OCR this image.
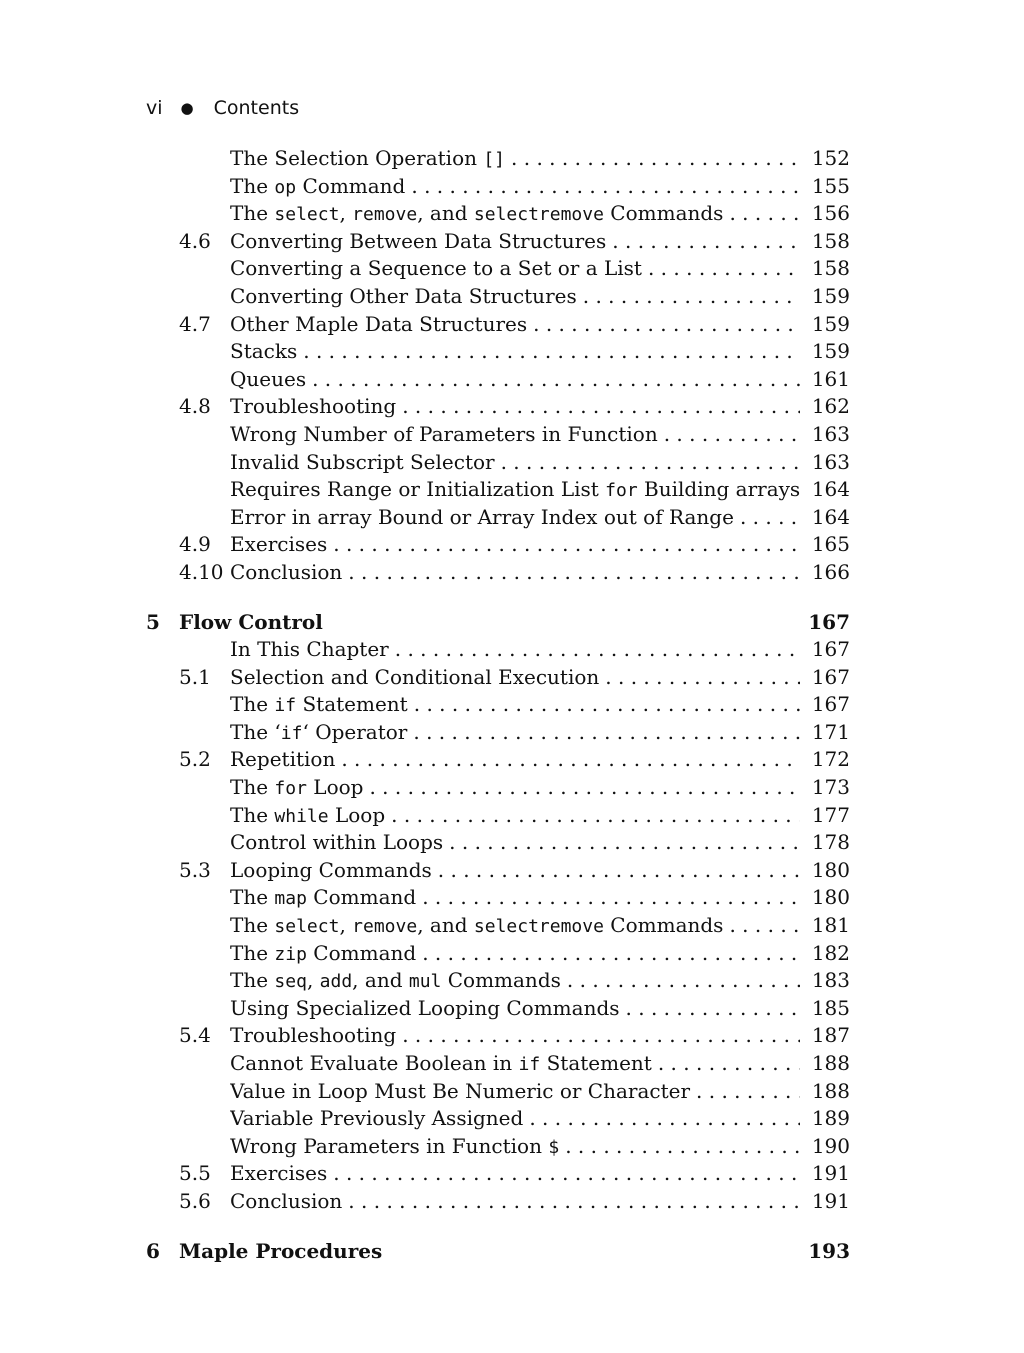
vi ● Contents
The Selection Operation [] . . .	152
The op Command . . .	155
The select, remove, and selectremove Commands . . .	156
4.6 Converting Between Data Structures . . .	158
Converting a Sequence to a Set or a List . . .	158
Converting Other Data Structures . . .	159
4.7 Other Maple Data Structures . . .	159
Stacks . . .	159
Queues . . .	161
4.8 Troubleshooting . . .	162
Wrong Number of Parameters in Function . . .	163
Invalid Subscript Selector . . .	163
Requires Range or Initialization List for Building arrays . . . 164
Error in array Bound or Array Index out of Range . . .	164
4.9 Exercises . . .	165
4.10 Conclusion . . .	166
5 Flow Control	167
In This Chapter . . .	167
5.1 Selection and Conditional Execution . . .	167
The if Statement . . .	167
The ‘if‘ Operator . . .	171
5.2 Repetition . . .	172
The for Loop . . .	173
The while Loop . . .	177
Control within Loops . . .	178
5.3 Looping Commands . . .	180
The map Command . . .	180
The select, remove, and selectremove Commands . . .	181
The zip Command . . .	182
The seq, add, and mul Commands . . .	183
Using Specialized Looping Commands . . .	185
5.4 Troubleshooting . . .	187
Cannot Evaluate Boolean in if Statement . . .	188
Value in Loop Must Be Numeric or Character . . .	188
Variable Previously Assigned . . .	189
Wrong Parameters in Function $ . . .	190
5.5 Exercises . . .	191
5.6 Conclusion . . .	191
6 Maple Procedures	193
